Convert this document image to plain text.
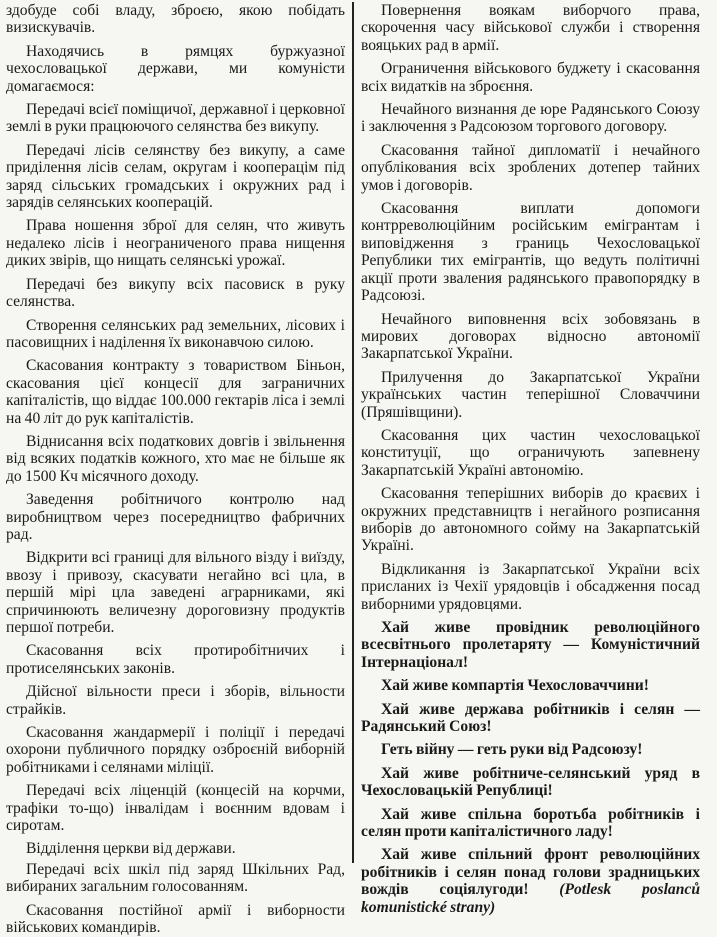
здобуде собі владу, зброєю, якою побідать визискувачів.

Находячись в рямцях буржуазної чехословацької держави, ми комуністи домагаємося:

Передачі всієї поміщичої, державної і церковної землі в руки працюючого селянства без викупу.

Передачі лісів селянству без викупу, а саме приділення лісів селам, округам і кооперацім під заряд сільських громадських і окружних рад і зарядів селянських кооперацій.

Права ношення зброї для селян, что живуть недалеко лісів і неограниченого права нищення диких звірів, що нищать селянські урожаї.

Передачі без викупу всіх пасовиск в руку селянства.

Створення селянських рад земельних, лісових і пасовищних і наділення їх виконавчою силою.

Скасования контракту з товариством Біньон, скасования цієї концесії для заграничних капіталістів, що віддає 100.000 гектарів ліса і землі на 40 літ до рук капіталістів.

Віднисання всіх податкових довгів і звільнення від всяких податків кожного, хто має не більше як до 1500 Кч місячного доходу.

Заведення робітничого контролю над виробництвом через посередництво фабричних рад.

Відкрити всі границі для вільного візду і виїзду, ввозу і привозу, скасувати негайно всі цла, в першій мірі цла заведені аграрниками, які спричинюють величезну дороговизну продуктів першої потреби.

Скасовання всіх протиробітничих і протиселянських законів.

Дійсної вільности преси і зборів, вільности страйків.

Скасовання жандармерії і поліції і передачі охорони публичного порядку озброєній виборній робітниками і селянами міліції.

Передачі всіх ліценцій (концесій на корчми, трафіки то-що) інвалідам і воєнним вдовам і сиротам.

Відділення церкви від держави.

Передачі всіх шкіл під заряд Шкільних Рад, вибираних загальним голосованням.

Скасовання постійної армії і виборности військових командирів.

Повернення воякам виборчого права, скорочення часу військової служби і створення вояцьких рад в армії.

Ограничення військового буджету і скасовання всіх видатків на зброєння.

Нечайного визнання де юре Радянського Союзу і заключення з Радсоюзом торгового договору.

Скасовання тайної дипломатії і нечайного опублікования всіх зроблених дотепер тайних умов і договорів.

Скасовання виплати допомоги контрреволюційним російським емігрантам і виповідження з границь Чехословацької Републики тих емігрантів, що ведуть політичні акції проти зваления радянського правопорядку в Радсоюзі.

Нечайного виповнення всіх зобовязань в мирових договорах відносно автономії Закарпатської України.

Прилучення до Закарпатської України українських частин теперішної Словаччини (Пряшівщини).

Скасовання цих частин чехословацької конституції, що ограничують запевнену Закарпатській Україні автономію.

Скасовання теперішних виборів до краєвих і окружних представництв і негайного розписання виборів до автономного сойму на Закарпатській Україні.

Відкликання із Закарпатської України всіх присланих із Чехії урядовців і обсадження посад виборними урядовцями.

Хай живе провідник революційного всесвітнього пролетаряту — Комуністичний Інтернаціонал!

Хай живе компартія Чехословаччини!

Хай живе держава робітників і селян — Радянський Союз!

Геть війну — геть руки від Радсоюзу!

Хай живе робітниче-селянський уряд в Чехословацькій Републиці!

Хай живе спільна боротьба робітників і селян проти капіталістичного ладу!

Хай живе спільний фронт революційних робітників і селян понад голови зрадницьких вождів соціялугоди! (Potlesk poslanců komunistické strany)
